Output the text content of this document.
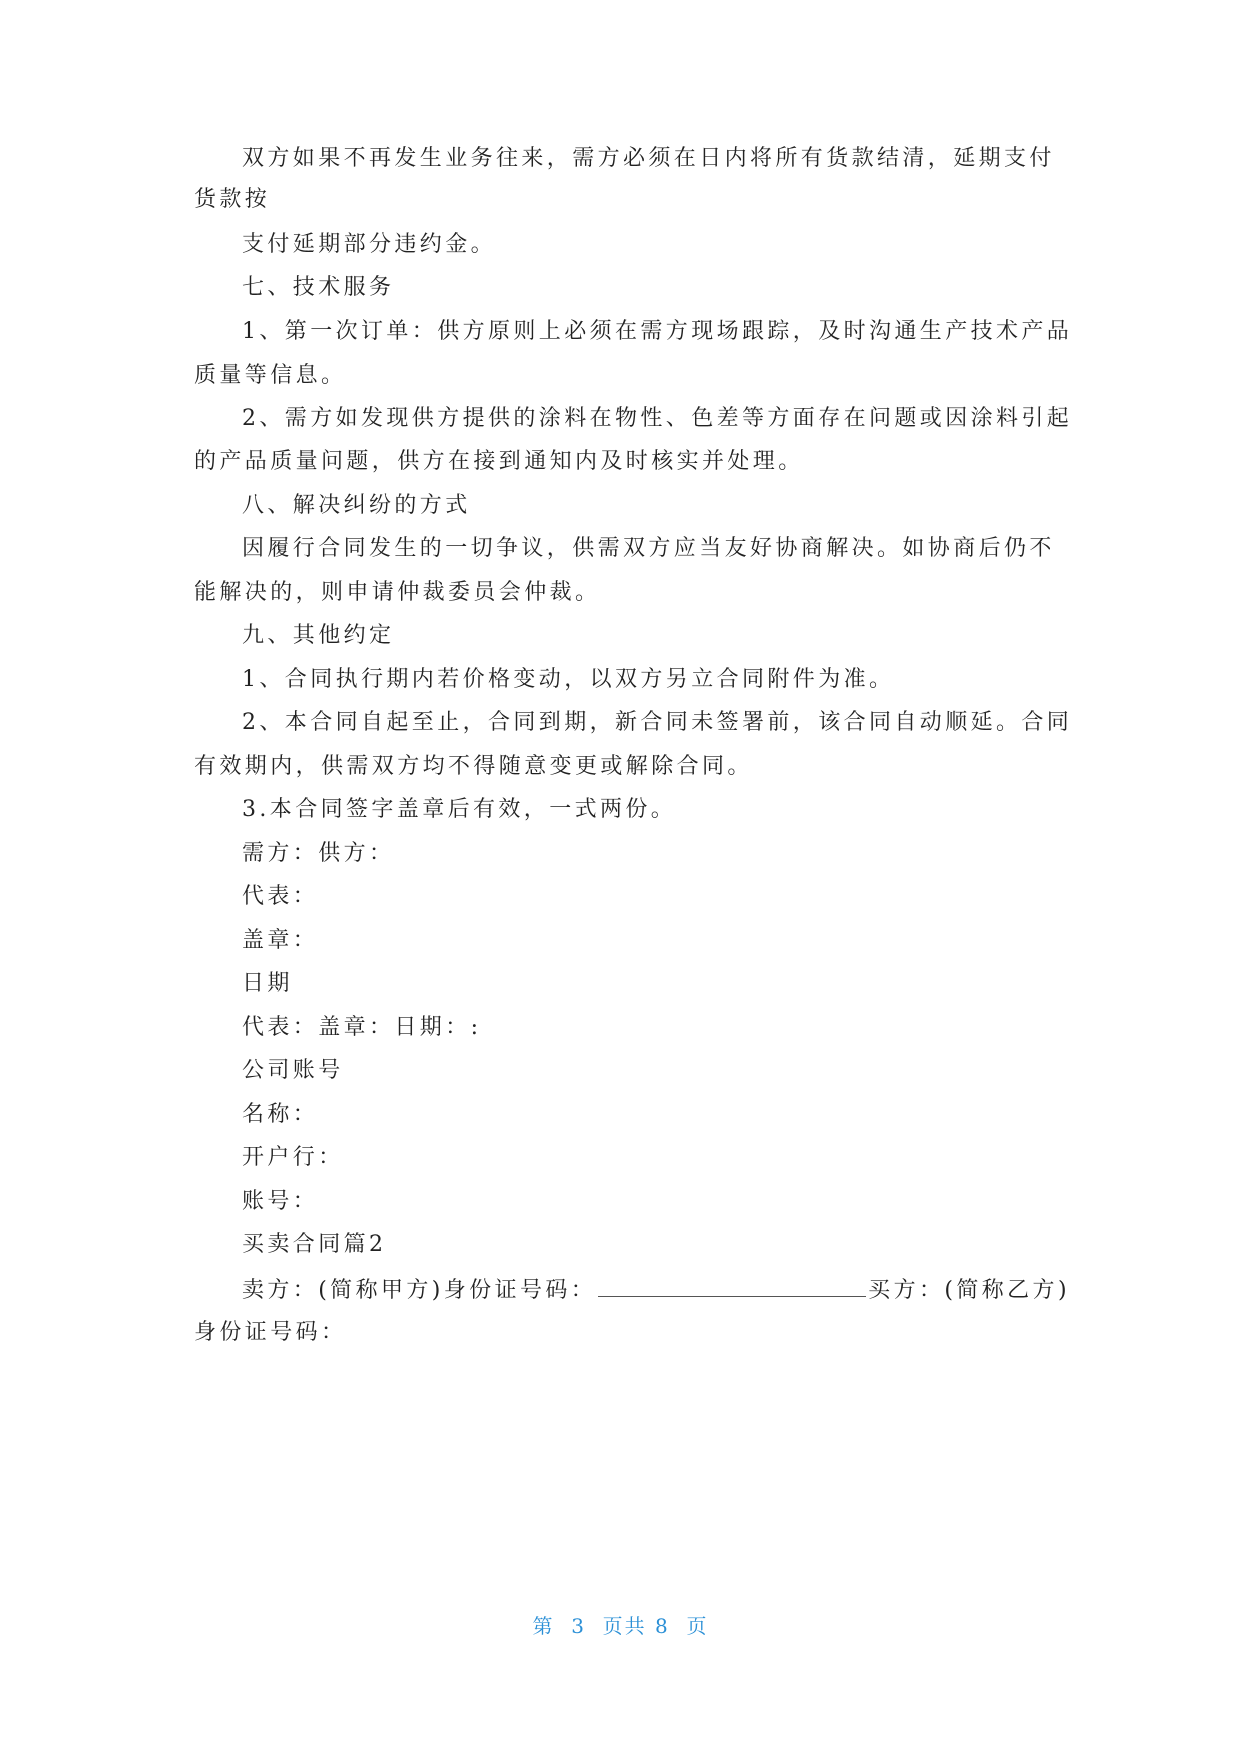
双方如果不再发生业务往来，需方必须在日内将所有货款结清，延期支付
货款按
支付延期部分违约金。
七、技术服务
1、第一次订单：供方原则上必须在需方现场跟踪，及时沟通生产技术产品
质量等信息。
2、需方如发现供方提供的涂料在物性、色差等方面存在问题或因涂料引起
的产品质量问题，供方在接到通知内及时核实并处理。
八、解决纠纷的方式
因履行合同发生的一切争议，供需双方应当友好协商解决。如协商后仍不
能解决的，则申请仲裁委员会仲裁。
九、其他约定
1、合同执行期内若价格变动，以双方另立合同附件为准。
2、本合同自起至止，合同到期，新合同未签署前，该合同自动顺延。合同
有效期内，供需双方均不得随意变更或解除合同。
3.本合同签字盖章后有效，一式两份。
需方：供方：
代表：
盖章：
日期
代表：盖章：日期：:
公司账号
名称：
开户行：
账号：
买卖合同篇2
卖方：(简称甲方)身份证号码：	买方：(简称乙方)
身份证号码：
第  3  页共 8  页
